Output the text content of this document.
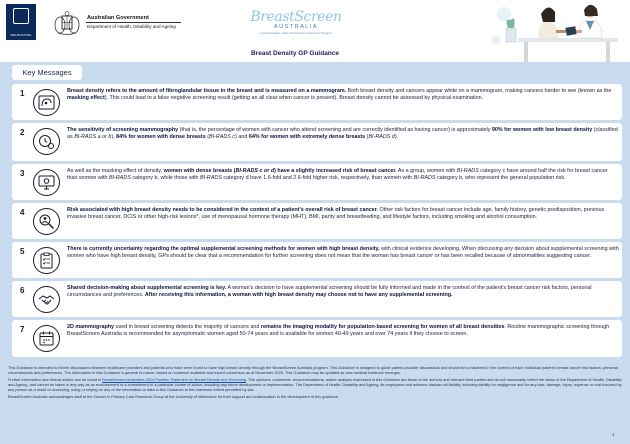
MELBOURNE
Australian Government
Department of Health, Disability and Ageing
BreastScreen
AUSTRALIA
A joint Australian, State and Territory Government Program
Breast Density GP Guidance
Key Messages
1	Breast density refers to the amount of fibroglandular tissue in the breast and is measured on a mammogram. Both breast density and cancers appear white on a mammogram, making cancers harder to see (known as the masking effect). This could lead to a false negative screening result (getting an all clear when cancer is present). Breast density cannot be assessed by physical examination.
2	The sensitivity of screening mammography (that is, the percentage of women with cancer who attend screening and are correctly identified as having cancer) is approximately 90% for women with low breast density (classified as BI-RADS a or b), 84% for women with dense breasts (BI-RADS c) and 64% for women with extremely dense breasts (BI-RADS d).
3	As well as the masking effect of density, women with dense breasts (BI-RADS c or d) have a slightly increased risk of breast cancer. As a group, women with BI-RADS category c have around half the risk for breast cancer than women with BI-RADS category b, while those with BI-RADS category d have 1.6-fold and 2.6-fold higher risk, respectively, than women with BI-RADS category b, who represent the general population risk.
4	Risk associated with high breast density needs to be considered in the context of a patient's overall risk of breast cancer. Other risk factors for breast cancer include age, family history, genetic predisposition, previous invasive breast cancer, DCIS or other high-risk lesions*, use of menopausal hormone therapy (MHT), BMI, parity and breastfeeding, and lifestyle factors, including smoking and alcohol consumption.
5	There is currently uncertainty regarding the optimal supplemental screening methods for women with high breast density, with clinical evidence developing. When discussing any decision about supplemental screening with women who have high breast density, GPs should be clear that a recommendation for further screening does not mean that the woman has breast cancer or has been recalled because of abnormalities suggesting cancer.
6	Shared decision-making about supplemental screening is key. A woman's decision to have supplemental screening should be fully informed and made in the context of the patient's breast cancer risk factors, personal circumstances and preferences. After receiving this information, a woman with high breast density may choose not to have any supplemental screening.
7	2D mammography used in breast screening detects the majority of cancers and remains the imaging modality for population-based screening for women of all breast densities. Routine mammographic screening through BreastScreen Australia is recommended for asymptomatic women aged 50-74 years and is available for women 40-49 years and over 74 years if they choose to screen.

This Guidance is intended to inform discussions between healthcare providers and patients who have been found to have high breast density through the BreastScreen Australia program. This Guidance is designed to guide patient-provider discussions and should be considered in the context of each individual patient's breast cancer risk factors, personal circumstances and preferences. The information in this Guidance is general in nature, based on evidence available and expert consensus as of November 2025. This Guidance may be updated as new medical evidence emerges.

Further information and clinical advice can be found in BreastScreen Australia's 2024 Position Statement on Breast Density and Screening. The opinions, comments, recommendations, and/or analysis expressed in this Guidance are those of the authors and relevant third parties and do not necessarily reflect the views of the Department of Health, Disability and Ageing, and cannot be taken in any way as an endorsement or a commitment to a particular course of action, including any future development or implementation. The Department of Health, Disability and Ageing, its employees and advisers disclaim all liability, including liability for negligence and for any loss, damage, injury, expense or cost incurred by any person as a result of accessing, using or relying on any of the information or data in this Guidance to the maximum extent permitted by law.

BreastScreen Australia acknowledges staff at the Cancer in Primary Care Research Group at the University of Melbourne for their support and collaboration in the development of this guidance.

1
